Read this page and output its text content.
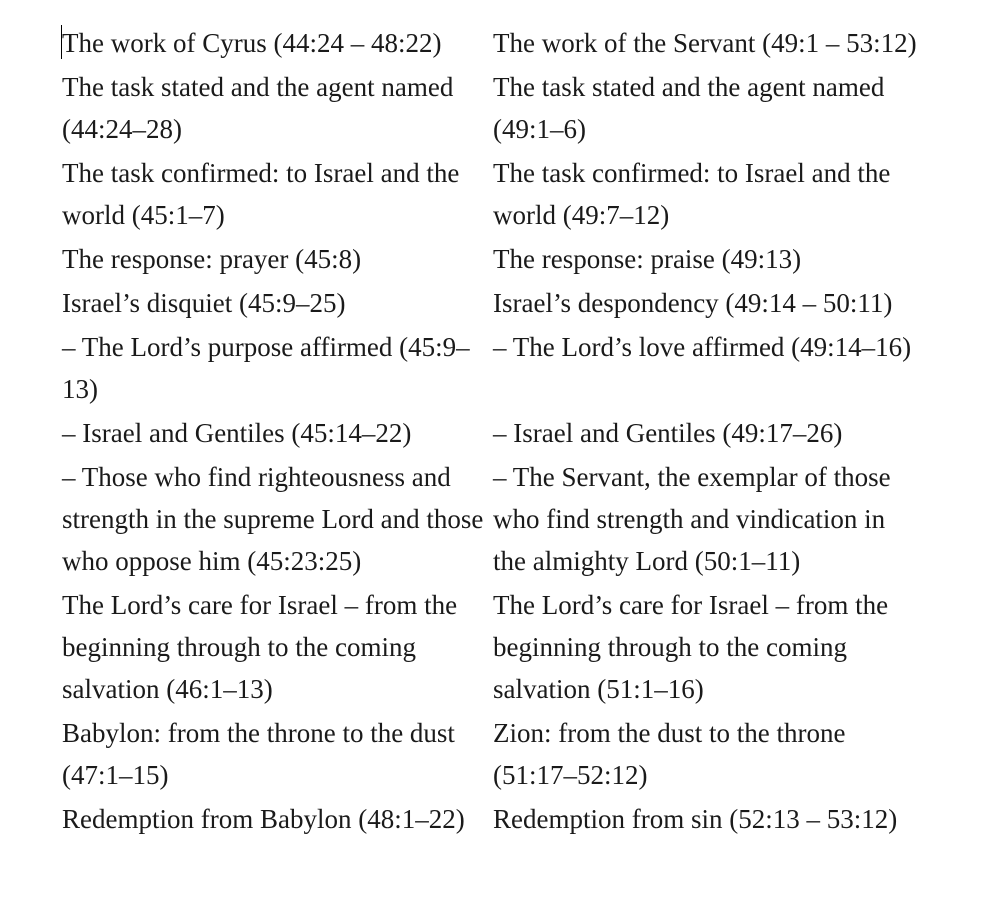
The work of Cyrus (44:24 – 48:22)	The work of the Servant (49:1 – 53:12)
The task stated and the agent named (44:24–28)	The task stated and the agent named (49:1–6)
The task confirmed: to Israel and the world (45:1–7)	The task confirmed: to Israel and the world (49:7–12)
The response: prayer (45:8)	The response: praise (49:13)
Israel’s disquiet (45:9–25)	Israel’s despondency (49:14 – 50:11)
– The Lord’s purpose affirmed (45:9–13)	– The Lord’s love affirmed (49:14–16)
– Israel and Gentiles (45:14–22)	– Israel and Gentiles (49:17–26)
– Those who find righteousness and strength in the supreme Lord and those who oppose him (45:23:25)	– The Servant, the exemplar of those who find strength and vindication in the almighty Lord (50:1–11)
The Lord’s care for Israel – from the beginning through to the coming salvation (46:1–13)	The Lord’s care for Israel – from the beginning through to the coming salvation (51:1–16)
Babylon: from the throne to the dust (47:1–15)	Zion: from the dust to the throne (51:17–52:12)
Redemption from Babylon (48:1–22)	Redemption from sin (52:13 – 53:12)
